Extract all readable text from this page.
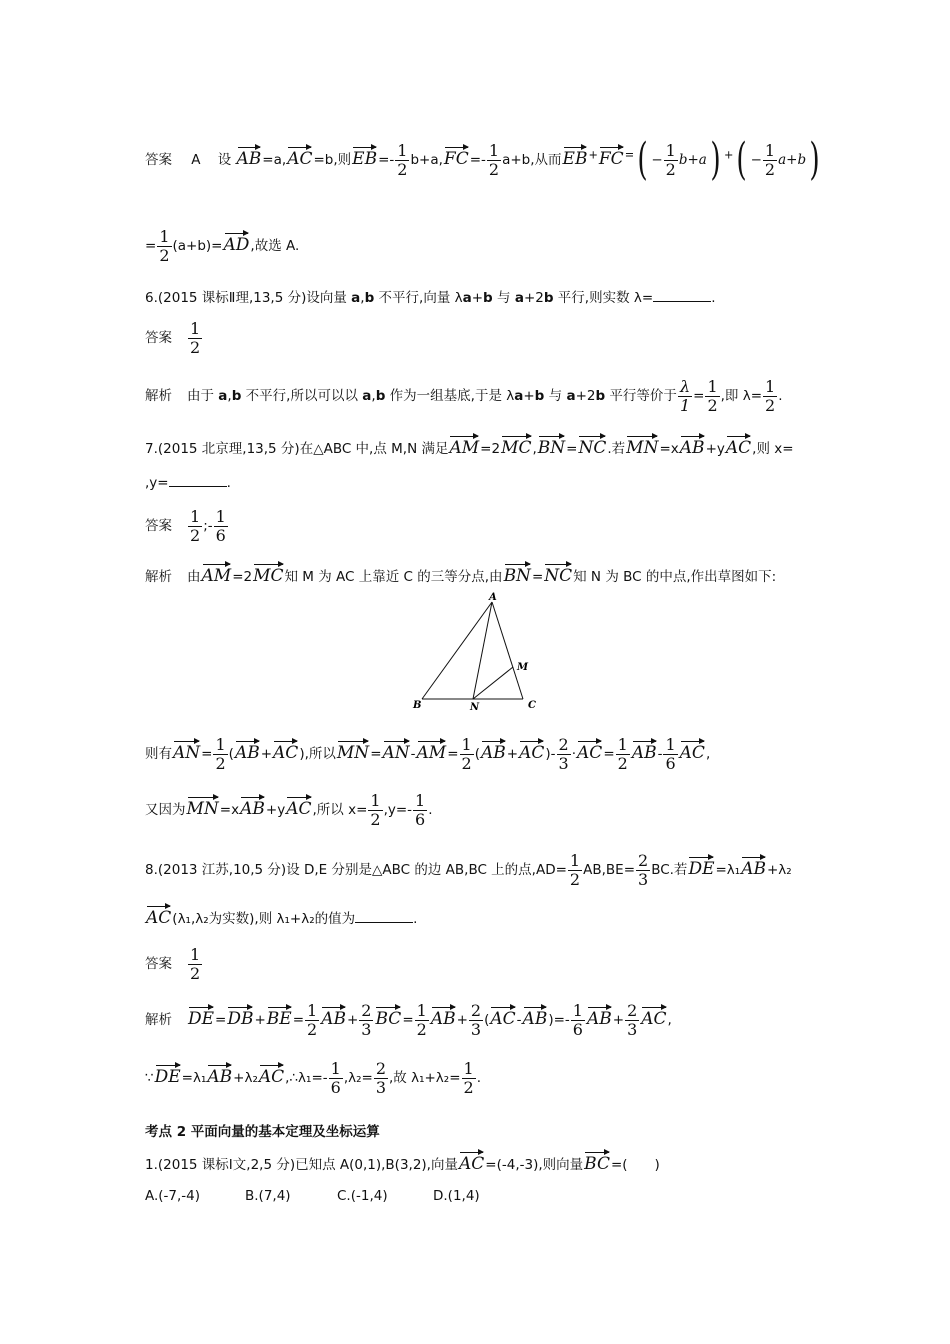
答案 A 设 AB=a,AC=b,则$EB=- \frac{1}{2} b+a,FC=- \frac{1}{2} a+b$,从而$EB^+FC^=( - \frac{1}{2} b+a)$ $^+( - \frac{1}{2} a+b)$
= $\frac{1}{2} (a+b)=AD$,故选 A.
6.(2015 课标Ⅱ理,13,5 分)设向量 a,b 不平行,向量 λa+b 与 a+2b 平行,则实数 λ=	.
答案 $\frac{1}{2}$
解析 由于 a,b 不平行,所以可以以 a,b 作为一组基底,于是 λa+b 与 a+2b 平行等价于 $\frac{\lambda}{1} = \frac{1}{2}$ ,即 $\lambda= \frac{1}{2}$ .
7.(2015 北京理,13,5 分)在△ABC 中,点 M,N 满足AM=2MC,BN=NC.若MN=xAB+yAC,则 x=
,y=	.
答案 $\frac{1}{2}$ ;- $\frac{1}{6}$
解析 由AM=2MC知 M 为 AC 上靠近 C 的三等分点,由BN=NC知 N 为 BC 的中点,作出草图如下:
A
B	N	C
M
则有$AN= \frac{1}{2} (AB+AC)$,所以$MN=AN-AM= \frac{1}{2} (AB+AC)- \frac{2}{3} \cdot AC= \frac{1}{2} AB- \frac{1}{6}$ AC,
又因为MN=xAB+yAC,所以 $x= \frac{1}{2} ,y=- \frac{1}{6}$ .
8.(2013 江苏,10,5 分)设 D,E 分别是△ABC 的边 AB,BC 上的点$,AD= \frac{1}{2} AB,BE= \frac{2}{3}$ BC.若DE=λ₁AB+λ₂
AC(λ₁,λ₂为实数),则 λ₁+λ₂的值为	.
答案 $\frac{1}{2}$
解析 $DE=DB+BE= \frac{1}{2} AB+ \frac{2}{3} BC= \frac{1}{2} AB+ \frac{2}{3} (AC-AB)=- \frac{1}{6} AB+ \frac{2}{3}$ AC,
∵DE=λ₁AB+λ₂AC,∴λ₁=- $\frac{1}{6} ,\lambda_2= \frac{2}{3}$ ,故 $\lambda_1+\lambda_2= \frac{1}{2}$ .
考点 2 平面向量的基本定理及坐标运算
1.(2015 课标Ⅰ文,2,5 分)已知点 A(0,1),B(3,2),向量AC=(-4,-3),则向量BC=(　　)
A.(-7,-4)	B.(7,4)	C.(-1,4)	D.(1,4)
